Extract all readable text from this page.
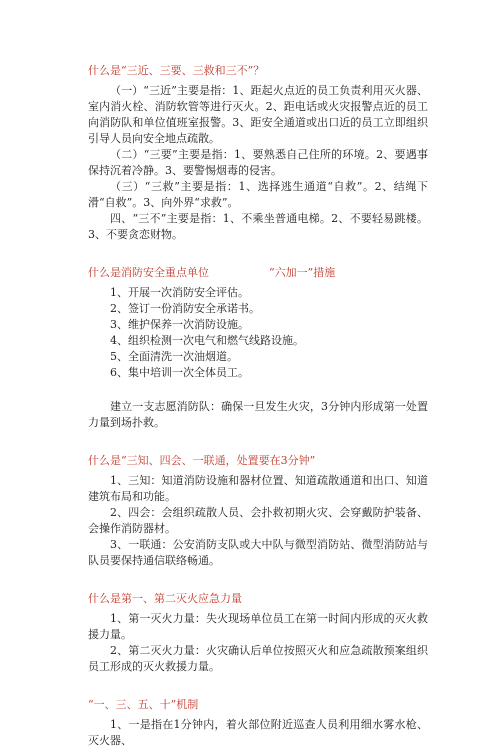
什么是“三近、三要、三救和三不”？

（一）“三近”主要是指：1、距起火点近的员工负责利用灭火器、室内消火栓、消防软管等进行灭火。2、距电话或火灾报警点近的员工向消防队和单位值班室报警。3、距安全通道或出口近的员工立即组织引导人员向安全地点疏散。

（二）“三要”主要是指：1、要熟悉自己住所的环境。2、要遇事保持沉着冷静。3、要警惕烟毒的侵害。

（三）“三救”主要是指：1、选择逃生通道“自救”。2、结绳下滑“自救”。3、向外界“求救”。

四、“三不”主要是指：1、不乘坐普通电梯。2、不要轻易跳楼。3、不要贪恋财物。

什么是消防安全重点单位	“六加一”措施

1、开展一次消防安全评估。

2、签订一份消防安全承诺书。

3、维护保养一次消防设施。

4、组织检测一次电气和燃气线路设施。

5、全面清洗一次油烟道。

6、集中培训一次全体员工。

建立一支志愿消防队：确保一旦发生火灾，3分钟内形成第一处置力量到场扑救。

什么是“三知、四会、一联通，处置要在3分钟”

1、三知：知道消防设施和器材位置、知道疏散通道和出口、知道建筑布局和功能。

2、四会：会组织疏散人员、会扑救初期火灾、会穿戴防护装备、会操作消防器材。

3、一联通：公安消防支队或大中队与微型消防站、微型消防站与队员要保持通信联络畅通。

什么是第一、第二灭火应急力量

1、第一灭火力量：失火现场单位员工在第一时间内形成的灭火救援力量。

2、第二灭火力量：火灾确认后单位按照灭火和应急疏散预案组织员工形成的灭火救援力量。

“一、三、五、十”机制

1、一是指在1分钟内，着火部位附近巡查人员利用细水雾水枪、灭火器、
